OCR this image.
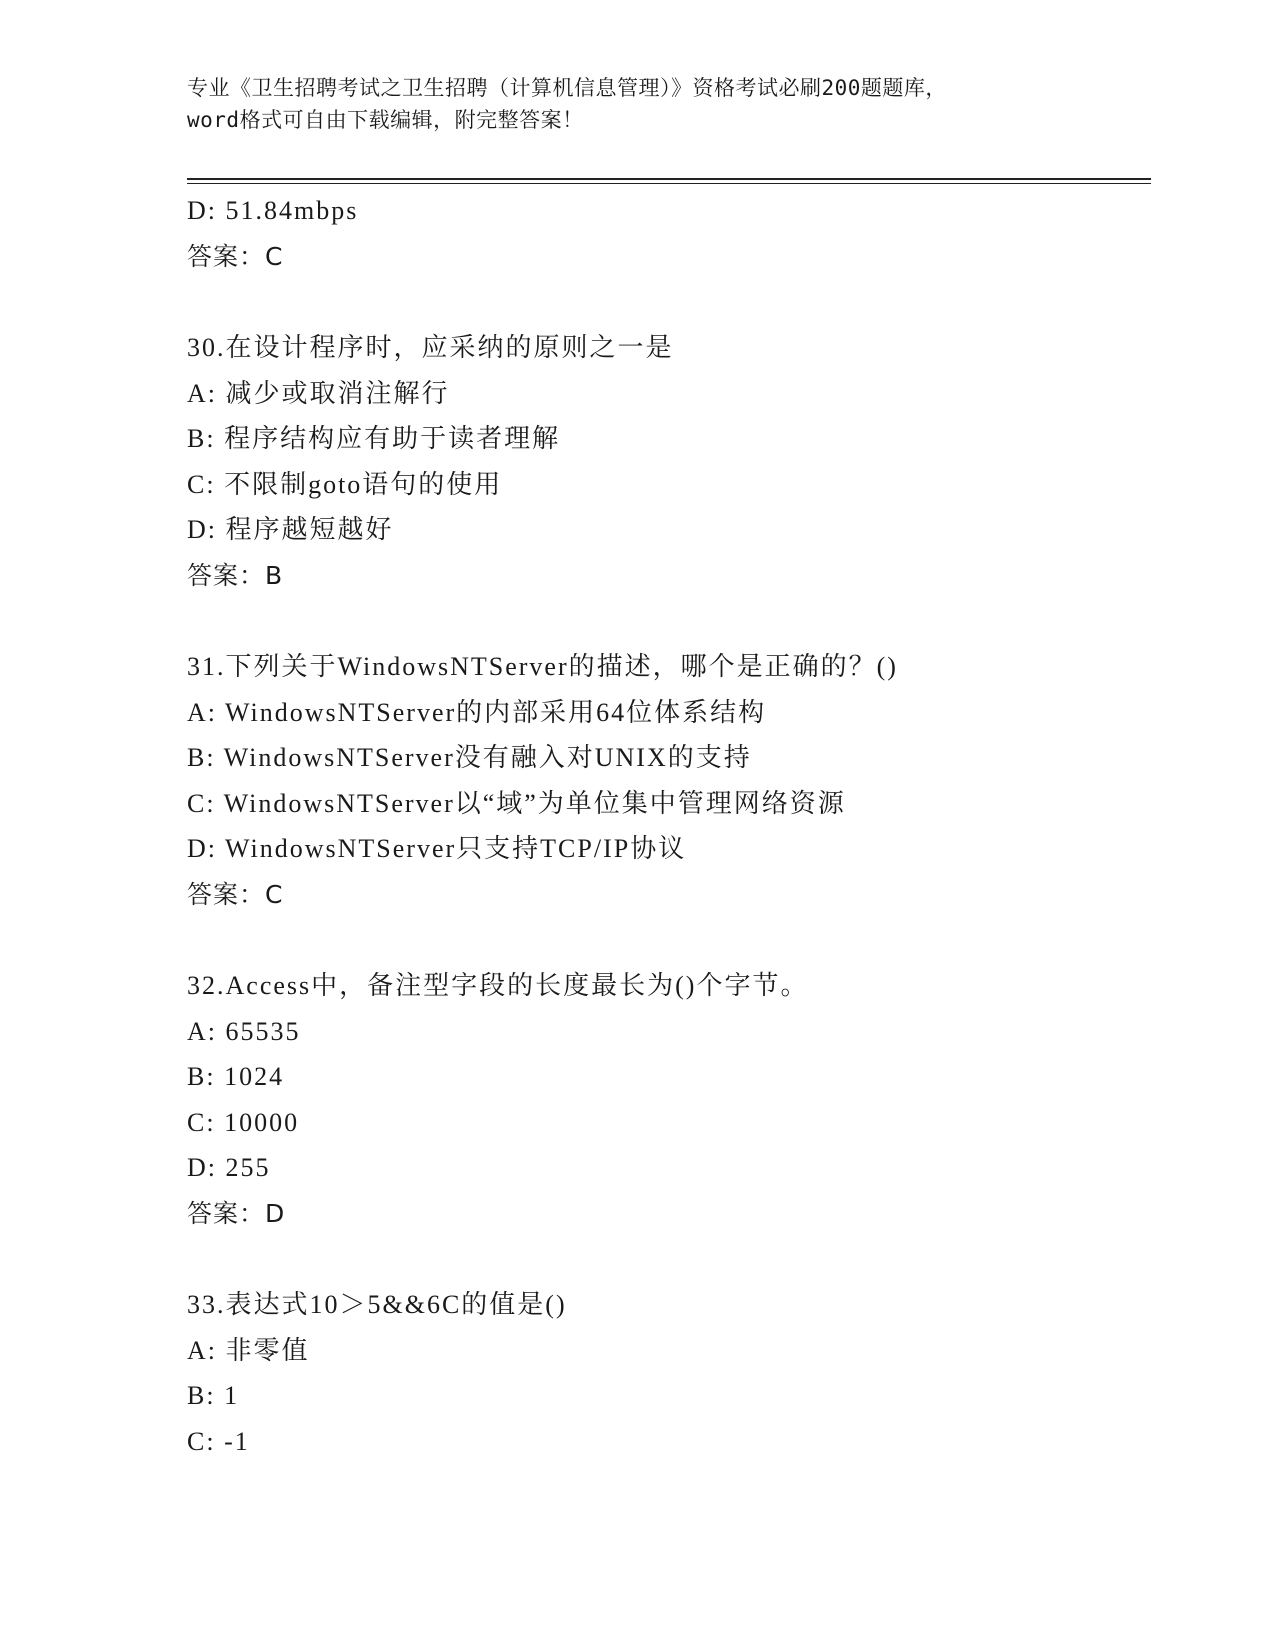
专业《卫生招聘考试之卫生招聘（计算机信息管理）》资格考试必刷200题题库，
word格式可自由下载编辑，附完整答案！
D: 51.84mbps
答案：C
30.在设计程序时，应采纳的原则之一是
A: 减少或取消注解行
B: 程序结构应有助于读者理解
C: 不限制goto语句的使用
D: 程序越短越好
答案：B
31.下列关于WindowsNTServer的描述，哪个是正确的？()
A: WindowsNTServer的内部采用64位体系结构
B: WindowsNTServer没有融入对UNIX的支持
C: WindowsNTServer以“域”为单位集中管理网络资源
D: WindowsNTServer只支持TCP/IP协议
答案：C
32.Access中，备注型字段的长度最长为()个字节。
A: 65535
B: 1024
C: 10000
D: 255
答案：D
33.表达式10＞5&&6C的值是()
A: 非零值
B: 1
C: -1
